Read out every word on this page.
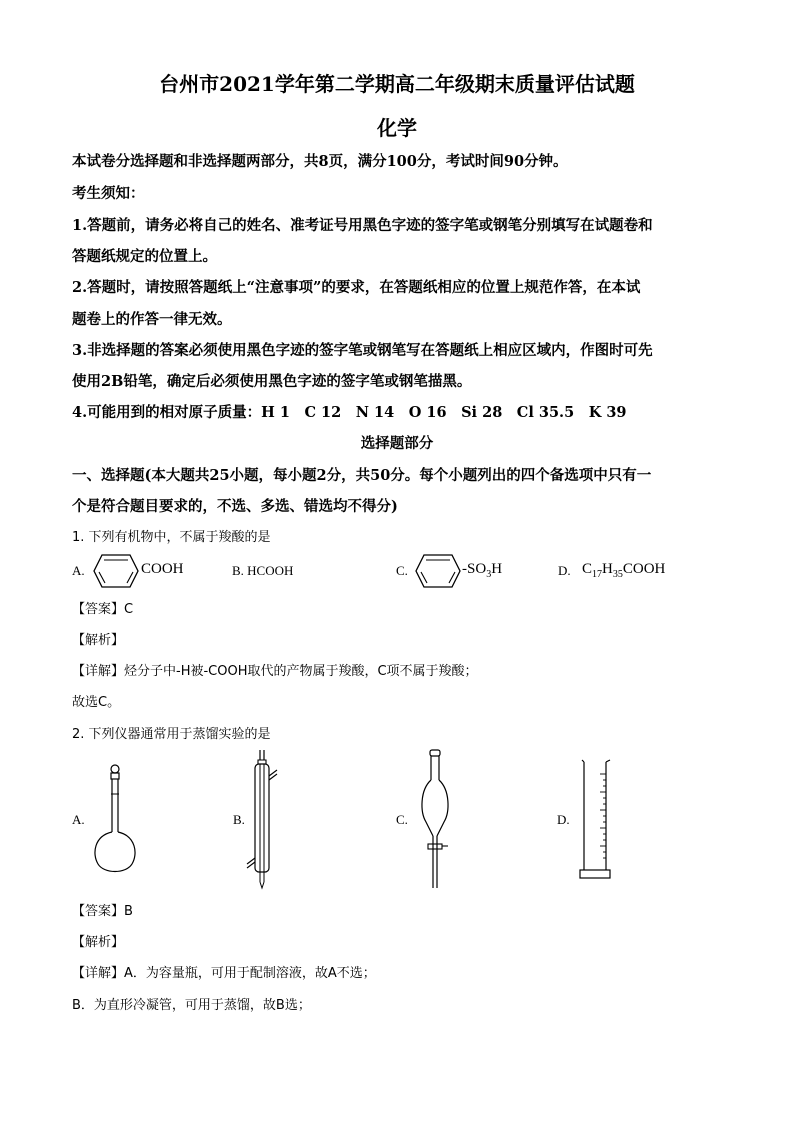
台州市2021学年第二学期高二年级期末质量评估试题
化学
本试卷分选择题和非选择题两部分，共8页，满分100分，考试时间90分钟。
考生须知：
1.答题前，请务必将自己的姓名、准考证号用黑色字迹的签字笔或钢笔分别填写在试题卷和
答题纸规定的位置上。
2.答题时，请按照答题纸上“注意事项”的要求，在答题纸相应的位置上规范作答，在本试
题卷上的作答一律无效。
3.非选择题的答案必须使用黑色字迹的签字笔或钢笔写在答题纸上相应区域内，作图时可先
使用2B铅笔，确定后必须使用黑色字迹的签字笔或钢笔描黑。
4.可能用到的相对原子质量：H 1　C 12　N 14　O 16　Si 28　Cl 35.5　K 39
选择题部分
一、选择题(本大题共25小题，每小题2分，共50分。每个小题列出的四个备选项中只有一
个是符合题目要求的，不选、多选、错选均不得分)
1. 下列有机物中，不属于羧酸的是
A.	COOH	B. HCOOH	C.	$-SO_3H$	D. $C_{17}H_{35}COOH$
【答案】C
【解析】
【详解】烃分子中-H被-COOH取代的产物属于羧酸，C项不属于羧酸；
故选C。
2. 下列仪器通常用于蒸馏实验的是
A.	B.	C.	D.
【答案】B
【解析】
【详解】A．为容量瓶，可用于配制溶液，故A不选；
B．为直形冷凝管，可用于蒸馏，故B选；
